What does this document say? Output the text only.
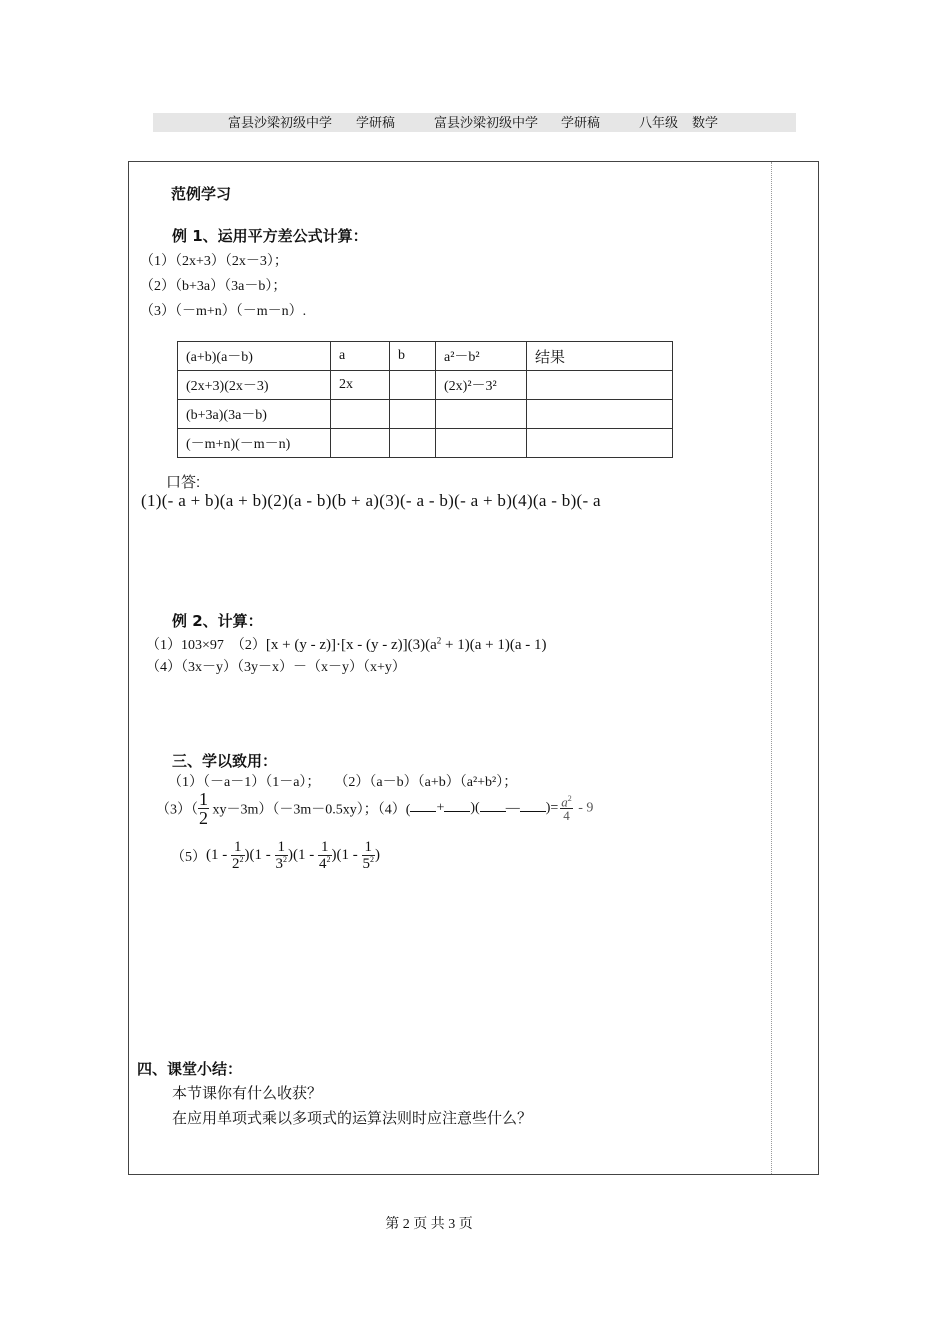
富县沙梁初级中学 学研稿	富县沙梁初级中学 学研稿	八年级 数学
范例学习
例 1、运用平方差公式计算：
（1）（2x+3）（2x－3）；
（2）（b+3a）（3a－b）；
（3）（－m+n）（－m－n）.
(a+b)(a－b)	a	b	a²－b²	结果
(2x+3)(2x－3)	2x		(2x)²－3²	
(b+3a)(3a－b)				
(－m+n)(－m－n)				
口答:
(1)(- a + b)(a + b)(2)(a - b)(b + a)(3)(- a - b)(- a + b)(4)(a - b)(- a
例 2、计算：
（1）103×97　$(2)[x + (y - z)]\cdot[x - (y - z)](3)(a^2 + 1)(a + 1)(a - 1)$
（4）（3x－y）（3y－x）－（x－y）（x+y）
三、学以致用：
（1）（－a－1）（1－a）；　　（2）（a－b）（a+b）（a²+b²）；
$(3)( \frac{1}{2} xy-3m)(-3m-0.5xy)$；（4）( + )( — )= $\frac{a^2}{4} - 9$
$(5)(1 - \frac{1}{2^2} )(1 - \frac{1}{3^2} )(1 - \frac{1}{4^2} )(1 - \frac{1}{5^2}$ )
四、课堂小结：
本节课你有什么收获？
在应用单项式乘以多项式的运算法则时应注意些什么？
第 2 页 共 3 页
